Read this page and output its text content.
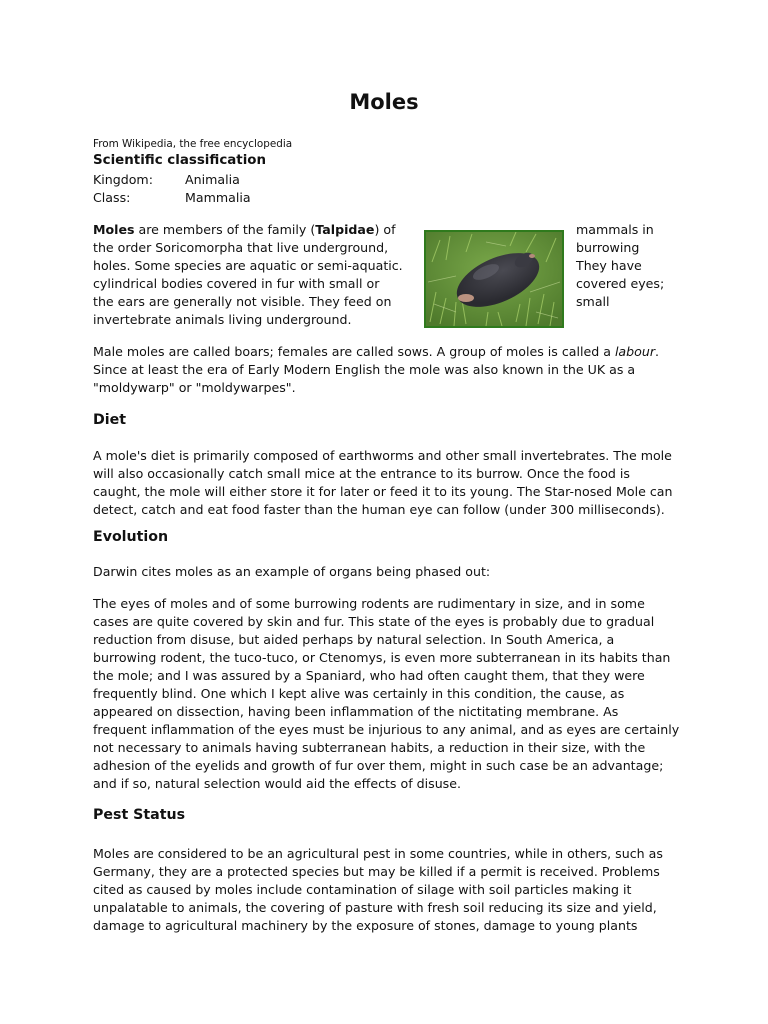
Moles
From Wikipedia, the free encyclopedia
Scientific classification
Kingdom:	Animalia
Class:	Mammalia
Moles are members of the family (Talpidae) of
the order Soricomorpha that live underground,
holes. Some species are aquatic or semi-aquatic.
cylindrical bodies covered in fur with small or
the ears are generally not visible. They feed on
invertebrate animals living underground.
mammals in
burrowing
They have
covered eyes;
small
Male moles are called boars; females are called sows. A group of moles is called a labour.
Since at least the era of Early Modern English the mole was also known in the UK as a
"moldywarp" or "moldywarpes".
Diet
A mole's diet is primarily composed of earthworms and other small invertebrates. The mole
will also occasionally catch small mice at the entrance to its burrow. Once the food is
caught, the mole will either store it for later or feed it to its young. The Star-nosed Mole can
detect, catch and eat food faster than the human eye can follow (under 300 milliseconds).
Evolution
Darwin cites moles as an example of organs being phased out:
The eyes of moles and of some burrowing rodents are rudimentary in size, and in some
cases are quite covered by skin and fur. This state of the eyes is probably due to gradual
reduction from disuse, but aided perhaps by natural selection. In South America, a
burrowing rodent, the tuco-tuco, or Ctenomys, is even more subterranean in its habits than
the mole; and I was assured by a Spaniard, who had often caught them, that they were
frequently blind. One which I kept alive was certainly in this condition, the cause, as
appeared on dissection, having been inflammation of the nictitating membrane. As
frequent inflammation of the eyes must be injurious to any animal, and as eyes are certainly
not necessary to animals having subterranean habits, a reduction in their size, with the
adhesion of the eyelids and growth of fur over them, might in such case be an advantage;
and if so, natural selection would aid the effects of disuse.
Pest Status
Moles are considered to be an agricultural pest in some countries, while in others, such as
Germany, they are a protected species but may be killed if a permit is received. Problems
cited as caused by moles include contamination of silage with soil particles making it
unpalatable to animals, the covering of pasture with fresh soil reducing its size and yield,
damage to agricultural machinery by the exposure of stones, damage to young plants
